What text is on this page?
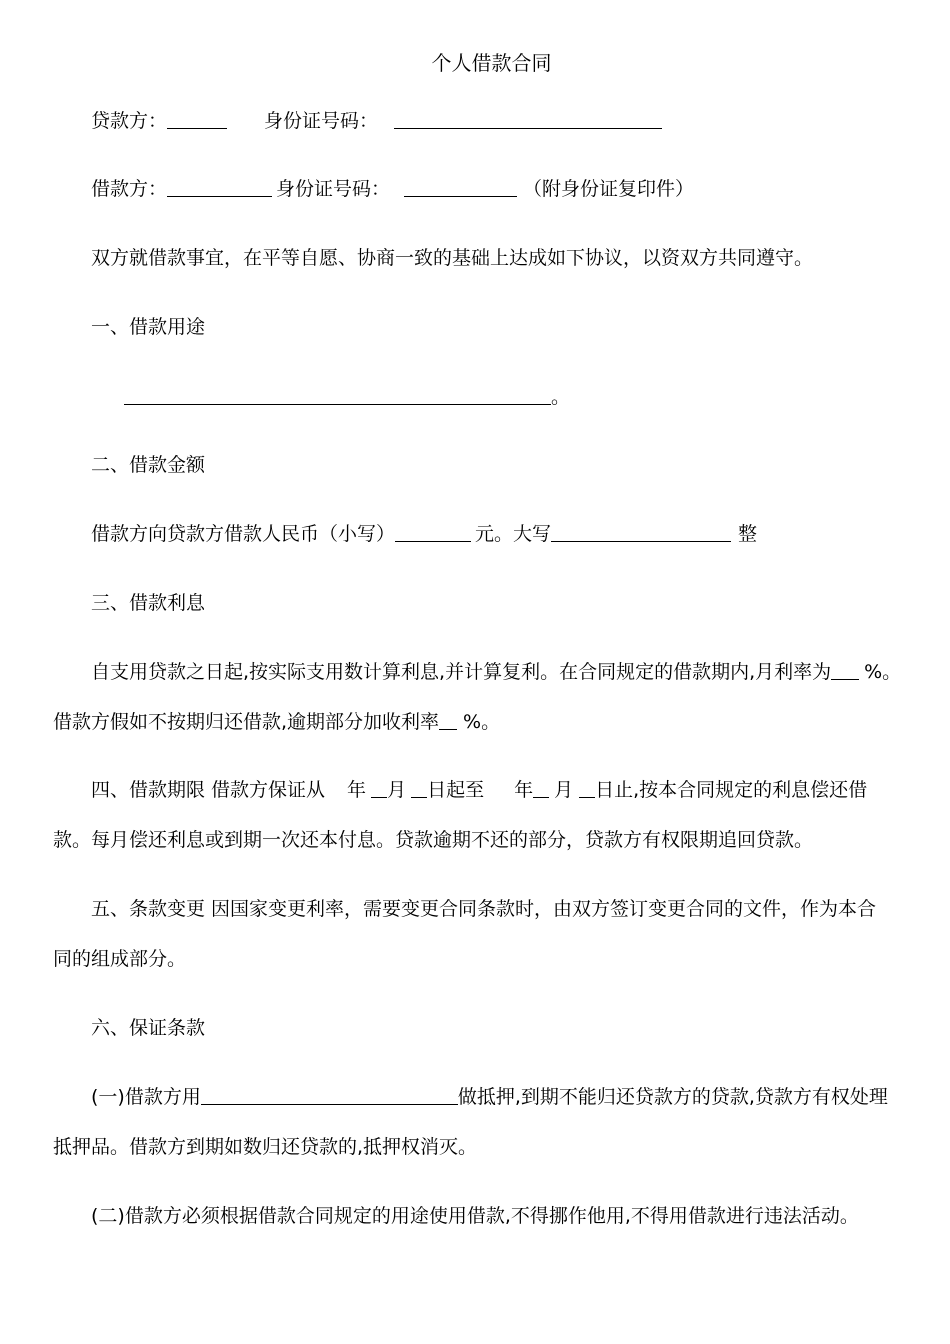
个人借款合同
贷款方：	身份证号码：
借款方：	身份证号码：	（附身份证复印件）
双方就借款事宜，在平等自愿、协商一致的基础上达成如下协议，以资双方共同遵守。
一、借款用途
。
二、借款金额
借款方向贷款方借款人民币（小写）	元。大写	整
三、借款利息
自支用贷款之日起,按实际支用数计算利息,并计算复利。在合同规定的借款期内,月利率为 %。
借款方假如不按期归还借款,逾期部分加收利率 %。
四、借款期限 借款方保证从 年 月 日起至 年 月 日止,按本合同规定的利息偿还借
款。每月偿还利息或到期一次还本付息。贷款逾期不还的部分，贷款方有权限期追回贷款。
五、条款变更 因国家变更利率，需要变更合同条款时，由双方签订变更合同的文件，作为本合
同的组成部分。
六、保证条款
(一)借款方用	做抵押,到期不能归还贷款方的贷款,贷款方有权处理
抵押品。借款方到期如数归还贷款的,抵押权消灭。
(二)借款方必须根据借款合同规定的用途使用借款,不得挪作他用,不得用借款进行违法活动。
